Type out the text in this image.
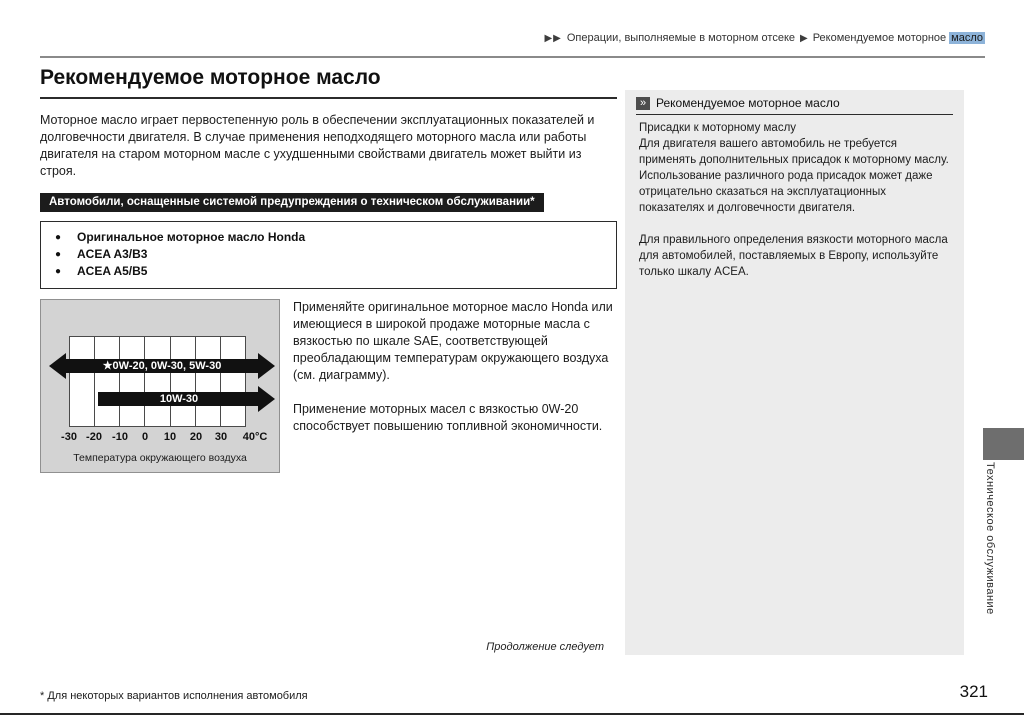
▶▶ Операции, выполняемые в моторном отсеке ▶ Рекомендуемое моторное масло
Рекомендуемое моторное масло
Моторное масло играет первостепенную роль в обеспечении эксплуатационных показателей и долговечности двигателя. В случае применения неподходящего моторного масла или работы двигателя на старом моторном масле с ухудшенными свойствами двигатель может выйти из строя.
Автомобили, оснащенные системой предупреждения о техническом обслуживании*
●	Оригинальное моторное масло Honda
●	ACEA A3/B3
●	ACEA A5/B5
★0W-20, 0W-30, 5W-30
10W-30
-30 -20 -10 0 10 20 30 40°C
Температура окружающего воздуха

Применяйте оригинальное моторное масло Honda или имеющиеся в широкой продаже моторные масла с вязкостью по шкале SAE, соответствующей преобладающим температурам окружающего воздуха (см. диаграмму).

Применение моторных масел с вязкостью 0W-20 способствует повышению топливной экономичности.

Продолжение следует
» Рекомендуемое моторное масло
Присадки к моторному маслу
Для двигателя вашего автомобиль не требуется применять дополнительных присадок к моторному маслу. Использование различного рода присадок может даже отрицательно сказаться на эксплуатационных показателях и долговечности двигателя.
Для правильного определения вязкости моторного масла для автомобилей, поставляемых в Европу, используйте только шкалу ACEA.
Техническое обслуживание
* Для некоторых вариантов исполнения автомобиля	321
